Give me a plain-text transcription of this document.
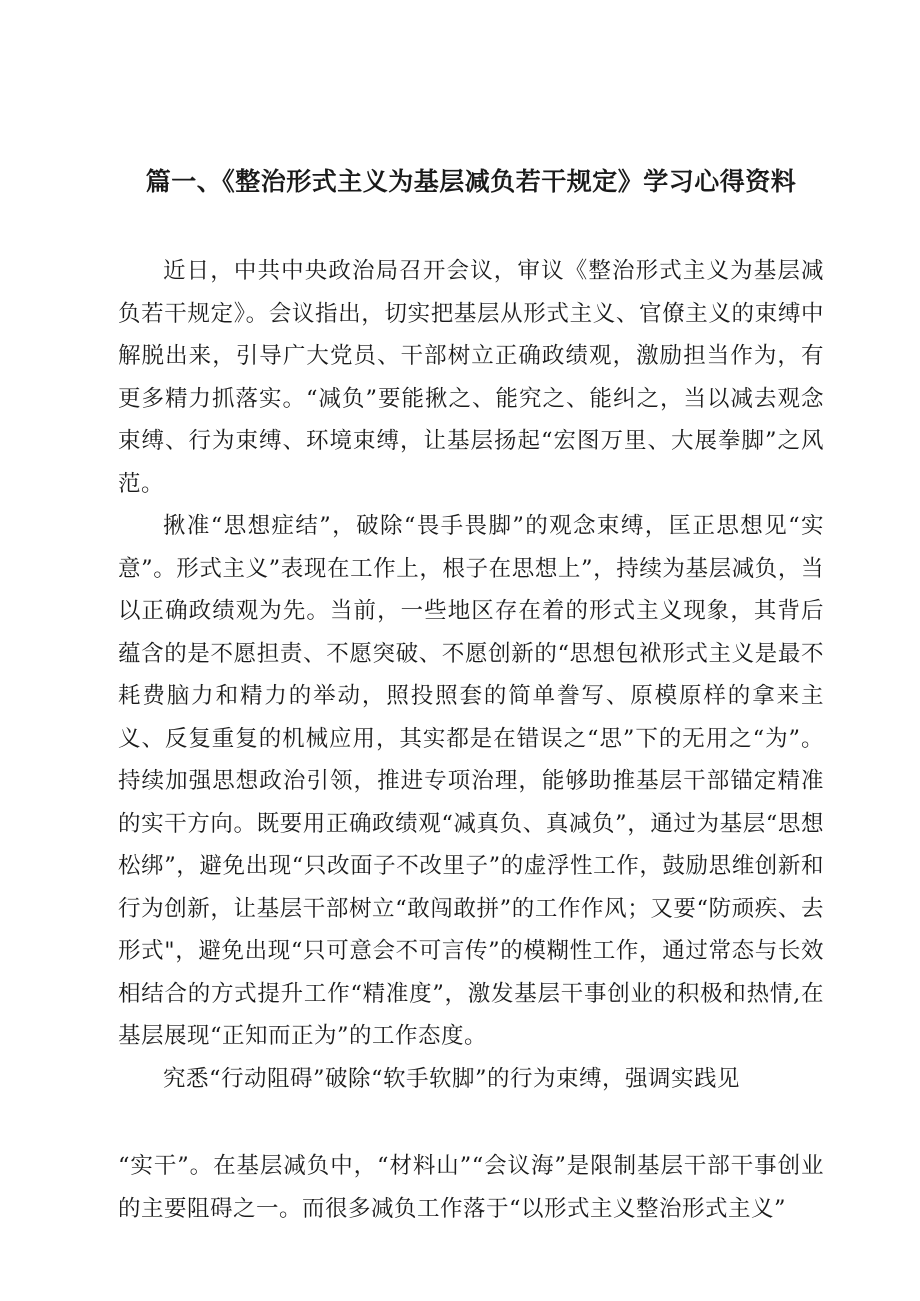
篇一、《整治形式主义为基层减负若干规定》学习心得资料

近日，中共中央政治局召开会议，审议《整治形式主义为基层减负若干规定》。会议指出，切实把基层从形式主义、官僚主义的束缚中解脱出来，引导广大党员、干部树立正确政绩观，激励担当作为，有更多精力抓落实。“减负”要能揪之、能究之、能纠之，当以减去观念束缚、行为束缚、环境束缚，让基层扬起“宏图万里、大展拳脚”之风范。

揪准“思想症结”，破除“畏手畏脚”的观念束缚，匡正思想见“实意”。形式主义”表现在工作上，根子在思想上”，持续为基层减负，当以正确政绩观为先。当前，一些地区存在着的形式主义现象，其背后蕴含的是不愿担责、不愿突破、不愿创新的“思想包袱形式主义是最不耗费脑力和精力的举动，照投照套的简单誊写、原模原样的拿来主义、反复重复的机械应用，其实都是在错误之“思”下的无用之“为”。持续加强思想政治引领，推进专项治理，能够助推基层干部锚定精准的实干方向。既要用正确政绩观“减真负、真减负”，通过为基层“思想松绑”，避免出现“只改面子不改里子”的虚浮性工作，鼓励思维创新和行为创新，让基层干部树立“敢闯敢拼”的工作作风；又要“防顽疾、去形式"，避免出现“只可意会不可言传”的模糊性工作，通过常态与长效相结合的方式提升工作“精准度”，激发基层干事创业的积极和热情,在基层展现“正知而正为”的工作态度。

究悉“行动阻碍”破除“软手软脚”的行为束缚，强调实践见

“实干”。在基层减负中，“材料山”“会议海”是限制基层干部干事创业的主要阻碍之一。而很多减负工作落于“以形式主义整治形式主义”
